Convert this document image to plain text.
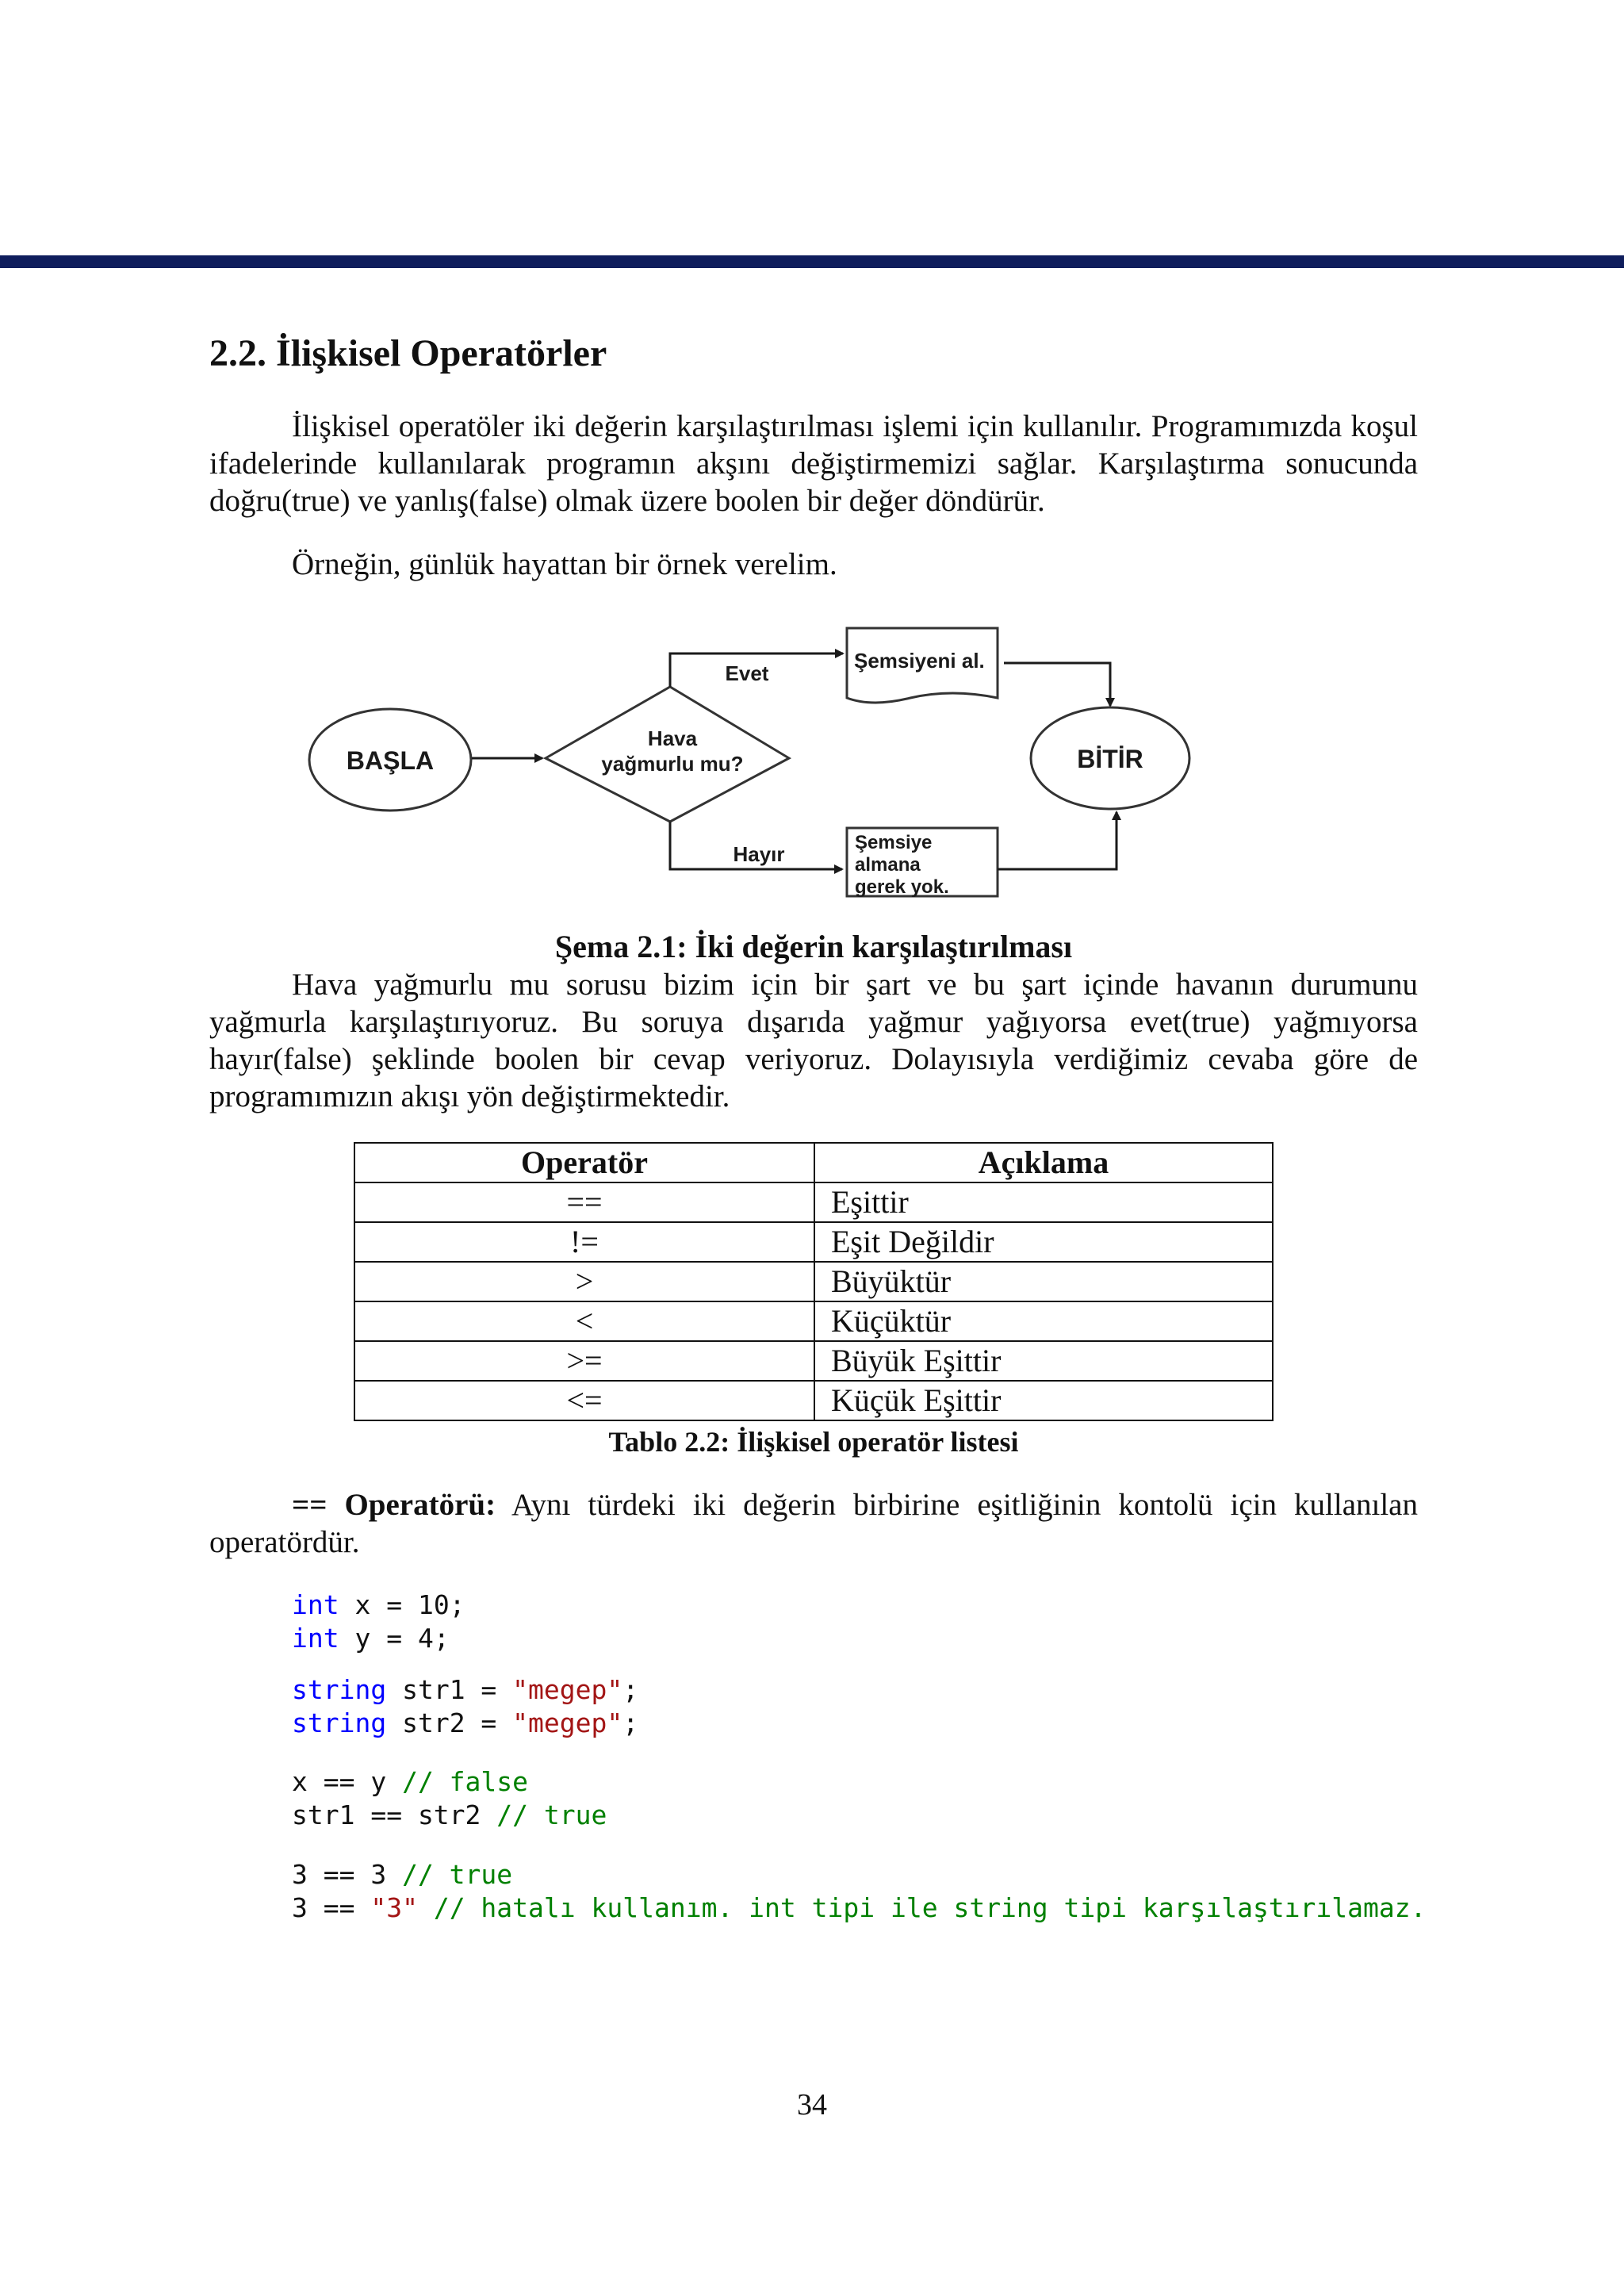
2.2. İlişkisel Operatörler

İlişkisel operatöler iki değerin karşılaştırılması işlemi için kullanılır. Programımızda koşul ifadelerinde kullanılarak programın akşını değiştirmemizi sağlar. Karşılaştırma sonucunda doğru(true) ve yanlış(false) olmak üzere boolen bir değer döndürür.

Örneğin, günlük hayattan bir örnek verelim.

BAŞLA
Hava
yağmurlu mu?
Evet
Şemsiyeni al.
Hayır	Şemsiye
almana
gerek yok.
BİTİR
Şema 2.1: İki değerin karşılaştırılması

Hava yağmurlu mu sorusu bizim için bir şart ve bu şart içinde havanın durumunu yağmurla karşılaştırıyoruz. Bu soruya dışarıda yağmur yağıyorsa evet(true) yağmıyorsa hayır(false) şeklinde boolen bir cevap veriyoruz. Dolayısıyla verdiğimiz cevaba göre de programımızın akışı yön değiştirmektedir.

Operatör	Açıklama
==	Eşittir
!=	Eşit Değildir
>	Büyüktür
<	Küçüktür
>=	Büyük Eşittir
<=	Küçük Eşittir
Tablo 2.2: İlişkisel operatör listesi

== Operatörü: Aynı türdeki iki değerin birbirine eşitliğinin kontolü için kullanılan operatördür.

int x = 10;
int y = 4;
string str1 = "megep";
string str2 = "megep";
x == y // false
str1 == str2 // true
3 == 3 // true
3 == "3" // hatalı kullanım. int tipi ile string tipi karşılaştırılamaz.
34
